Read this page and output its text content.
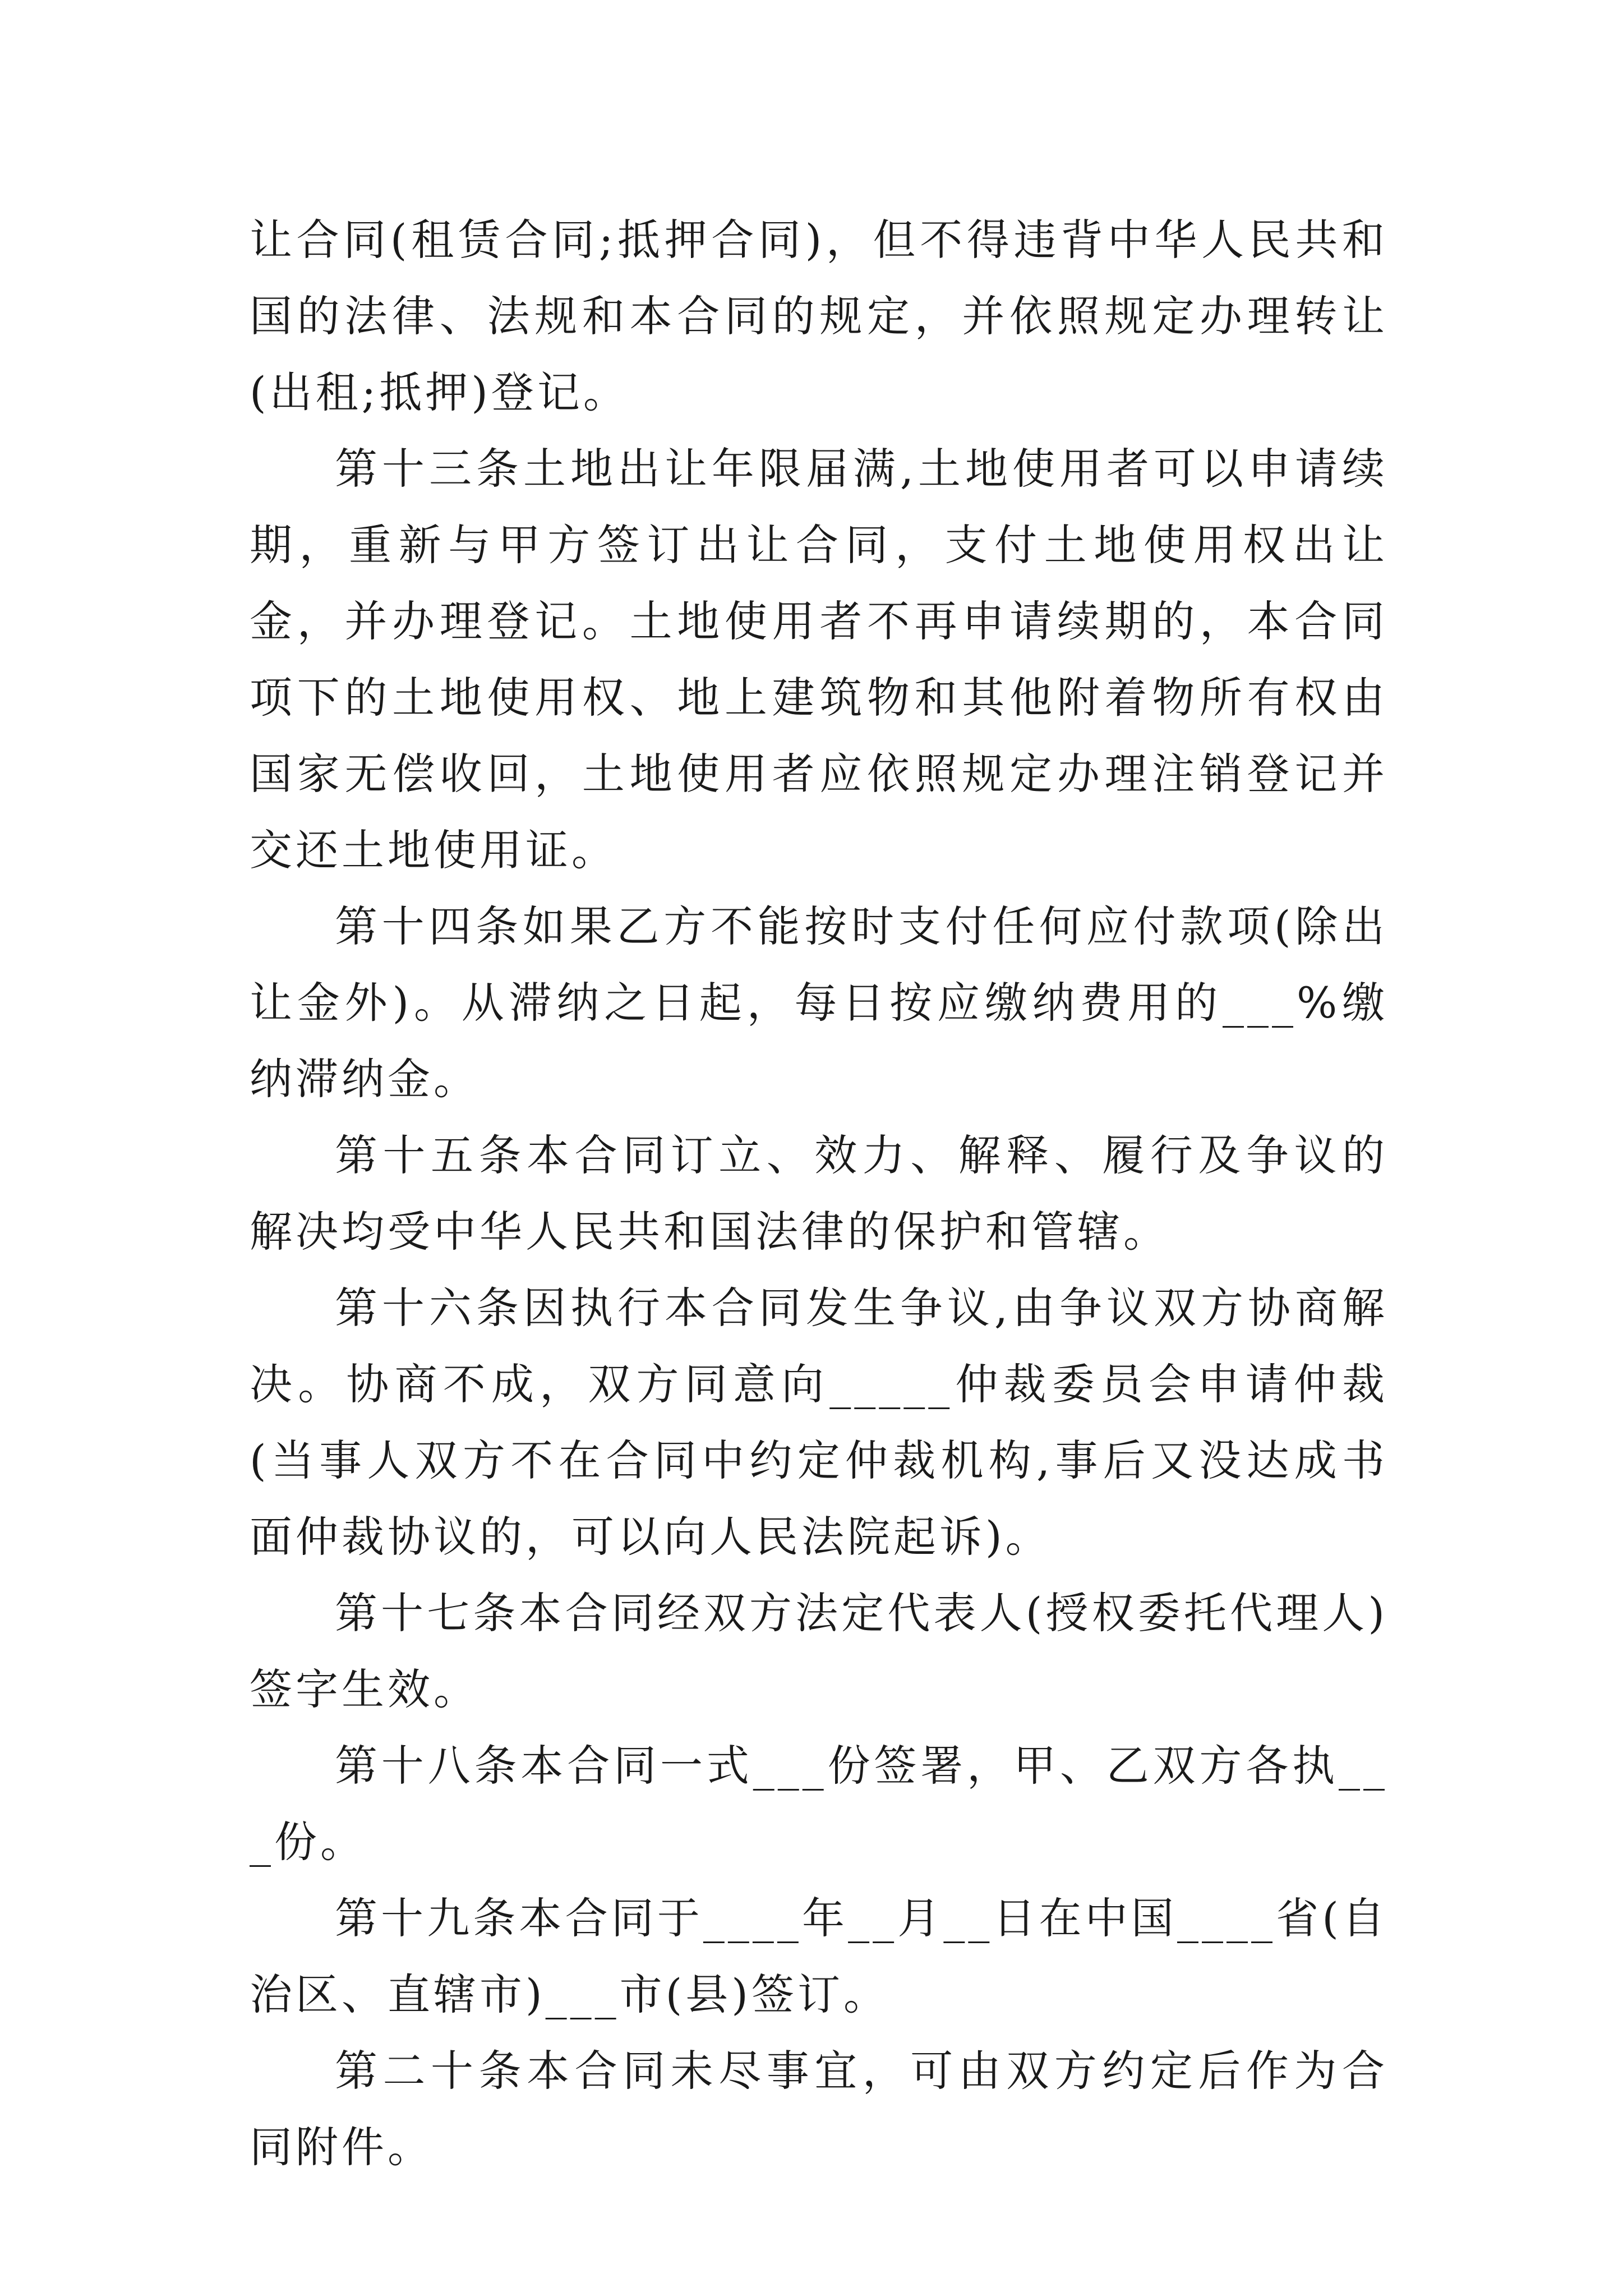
让合同(租赁合同;抵押合同)，但不得违背中华人民共和国的法律、法规和本合同的规定，并依照规定办理转让(出租;抵押)登记。

第十三条土地出让年限届满,土地使用者可以申请续期，重新与甲方签订出让合同，支付土地使用权出让金，并办理登记。土地使用者不再申请续期的，本合同项下的土地使用权、地上建筑物和其他附着物所有权由国家无偿收回，土地使用者应依照规定办理注销登记并交还土地使用证。

第十四条如果乙方不能按时支付任何应付款项(除出让金外)。从滞纳之日起，每日按应缴纳费用的___%缴纳滞纳金。

第十五条本合同订立、效力、解释、履行及争议的解决均受中华人民共和国法律的保护和管辖。

第十六条因执行本合同发生争议,由争议双方协商解决。协商不成，双方同意向_____仲裁委员会申请仲裁(当事人双方不在合同中约定仲裁机构,事后又没达成书面仲裁协议的，可以向人民法院起诉)。

第十七条本合同经双方法定代表人(授权委托代理人)签字生效。

第十八条本合同一式___份签署，甲、乙双方各执___份。

第十九条本合同于____年__月__日在中国____省(自治区、直辖市)___市(县)签订。

第二十条本合同未尽事宜，可由双方约定后作为合同附件。
